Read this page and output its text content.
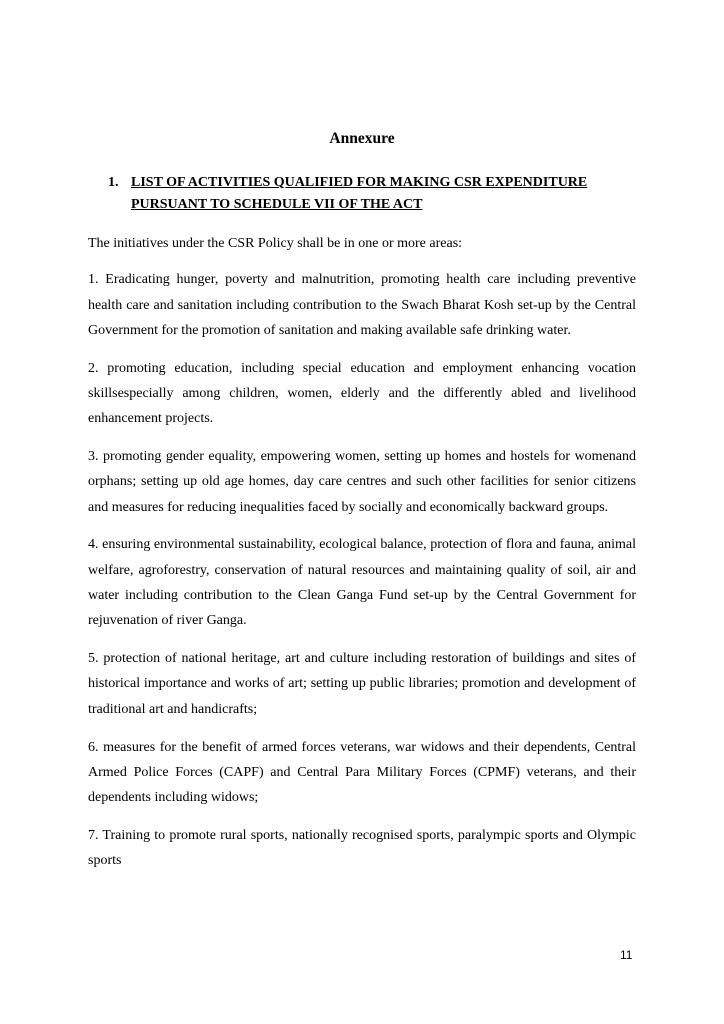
Annexure
1. LIST OF ACTIVITIES QUALIFIED FOR MAKING CSR EXPENDITURE PURSUANT TO SCHEDULE VII OF THE ACT

The initiatives under the CSR Policy shall be in one or more areas:

1. Eradicating hunger, poverty and malnutrition, promoting health care including preventive health care and sanitation including contribution to the Swach Bharat Kosh set-up by the Central Government for the promotion of sanitation and making available safe drinking water.

2. promoting education, including special education and employment enhancing vocation skillsespecially among children, women, elderly and the differently abled and livelihood enhancement projects.

3. promoting gender equality, empowering women, setting up homes and hostels for womenand orphans; setting up old age homes, day care centres and such other facilities for senior citizens and measures for reducing inequalities faced by socially and economically backward groups.

4. ensuring environmental sustainability, ecological balance, protection of flora and fauna, animal welfare, agroforestry, conservation of natural resources and maintaining quality of soil, air and water including contribution to the Clean Ganga Fund set-up by the Central Government for rejuvenation of river Ganga.

5. protection of national heritage, art and culture including restoration of buildings and sites of historical importance and works of art; setting up public libraries; promotion and development of traditional art and handicrafts;

6. measures for the benefit of armed forces veterans, war widows and their dependents, Central Armed Police Forces (CAPF) and Central Para Military Forces (CPMF) veterans, and their dependents including widows;

7. Training to promote rural sports, nationally recognised sports, paralympic sports and Olympic sports

11
